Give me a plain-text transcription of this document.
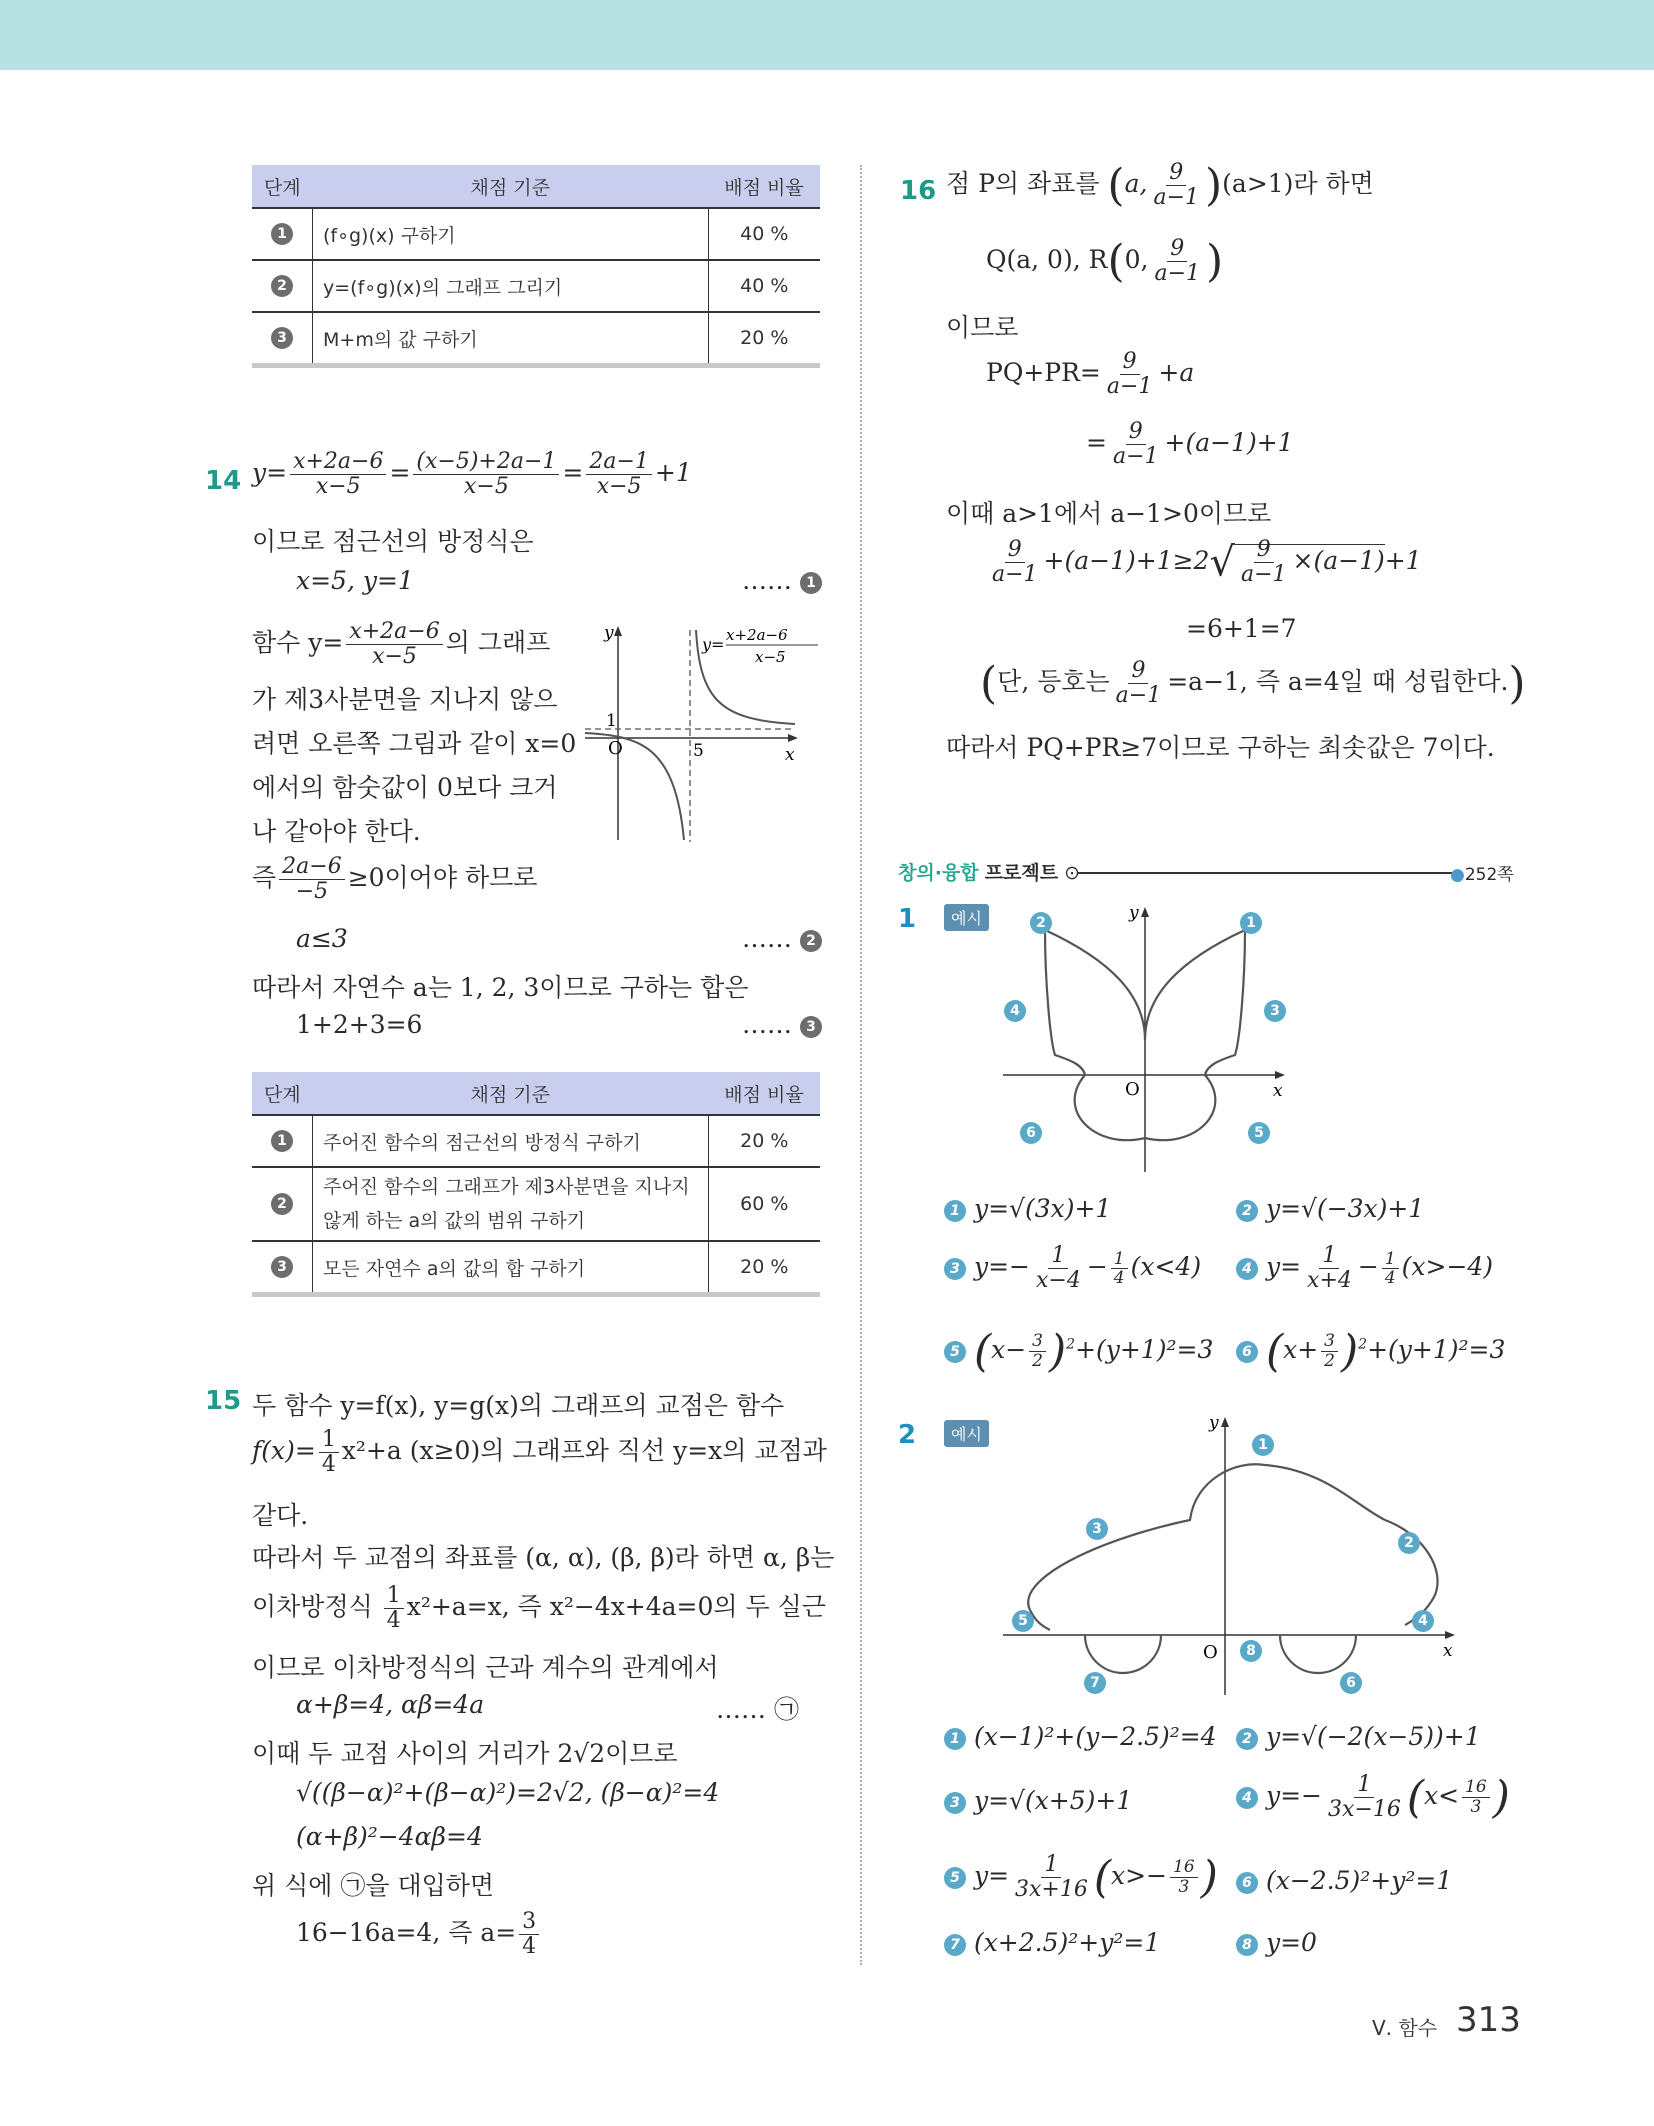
단계	채점 기준	배점 비율
1	(f∘g)(x) 구하기	40 %
2	y=(f∘g)(x)의 그래프 그리기	40 %
3	M+m의 값 구하기	20 %
14 $y= \frac{x+2a-6}{x-5} = \frac{(x-5)+2a-1}{x-5} = \frac{2a-1}{x-5} +1$
이므로 점근선의 방정식은
x=5, y=1	…… 1
함수 $y= \frac{x+2a-6}{x-5}$ 의 그래프
가 제3사분면을 지나지 않으
려면 오른쪽 그림과 같이 x=0
에서의 함숫값이 0보다 크거
나 같아야 한다.
O
1
5	x
y
y= x+2a−6
x−5
즉 $\frac{2a-6}{-5} \ge 0$이어야 하므로
a≤3	…… 2
따라서 자연수 a는 1, 2, 3이므로 구하는 합은
1+2+3=6	…… 3
단계	채점 기준	배점 비율
1	주어진 함수의 점근선의 방정식 구하기	20 %
2	주어진 함수의 그래프가 제3사분면을 지나지
않게 하는 a의 값의 범위 구하기	60 %
3	모든 자연수 a의 값의 합 구하기	20 %
15 두 함수 y=f(x), y=g(x)의 그래프의 교점은 함수
$f(x)= \frac{1}{4} x^2+a$ (x≥0)의 그래프와 직선 y=x의 교점과
같다.
따라서 두 교점의 좌표를 (α, α), (β, β)라 하면 α, β는
이차방정식 $\frac{1}{4} x^2+a=x$, 즉 x²−4x+4a=0의 두 실근
이므로 이차방정식의 근과 계수의 관계에서
α+β=4, αβ=4a	…… ㉠
이때 두 교점 사이의 거리가 2√2이므로
√((β−α)²+(β−α)²)=2√2, (β−α)²=4
(α+β)²−4αβ=4
위 식에 ㉠을 대입하면
16−16a=4, 즉 $a= \frac{3}{4}$
16 점 P의 좌표를 (a, $\frac{9}{a-1} )(a>1)$라 하면
Q(a, 0), R(0, $\frac{9}{a-1}$ )
이므로
$PQ+PR= \frac{9}{a-1} +a$
= $\frac{9}{a-1} +(a-1)+1$
이때 a>1에서 a−1>0이므로
$\frac{9}{a-1} +(a-1)+1\ge 2√ \frac{9}{a-1} \times(a-1)+1$
=6+1=7
(단, 등호는 $\frac{9}{a-1} =a-1$, 즉 a=4일 때 성립한다.)
따라서 PQ+PR≥7이므로 구하는 최솟값은 7이다.
창의·융합 프로젝트 ⊙	●252쪽
1	예시
O	x
y	1
2
3
4
5
6
1 y=√(3x)+1	2 y=√(−3x)+1
3 $y=- \frac{1}{x-4} - \frac{1}{4} (x<4)$	4 $y= \frac{1}{x+4} - \frac{1}{4} (x>-4)$
5 $(x- \frac{3}{2} )^2+(y+1)^2=3$	6 $(x+ \frac{3}{2} )^2+(y+1)^2=3$
2	예시
O	x
y
1
2
3
4
5
6
7
8
1 (x−1)²+(y−2.5)²=4	2 y=√(−2(x−5))+1
3 y=√(x+5)+1	4 $y=- \frac{1}{3x-16} (x< \frac{16}{3}$ )
5 $y= \frac{1}{3x+16} (x>- \frac{16}{3}$ )	6 (x−2.5)²+y²=1
7 (x+2.5)²+y²=1	8 y=0
Ⅴ. 함수 313
